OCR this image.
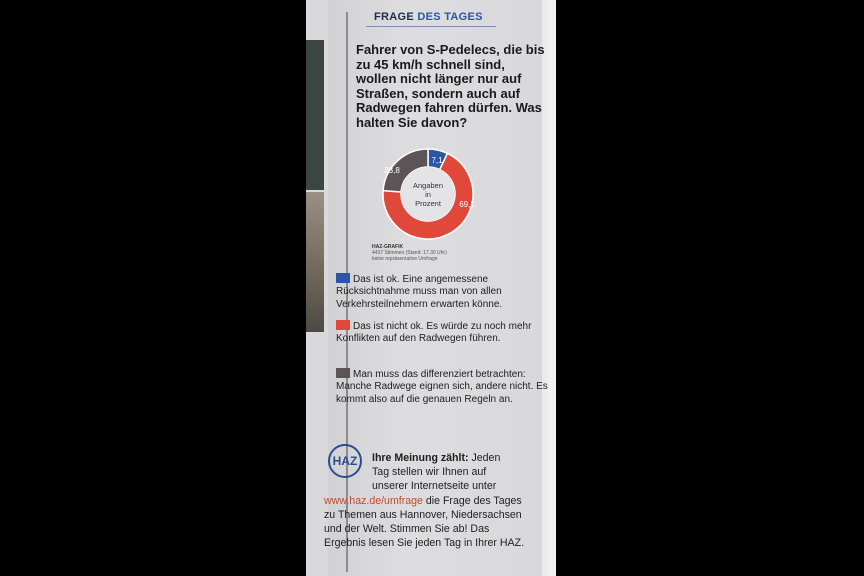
FRAGE DES TAGES
Fahrer von S-Pedelecs, die bis zu 45 km/h schnell sind, wollen nicht länger nur auf Straßen, sondern auch auf Radwegen fahren dürfen. Was halten Sie davon?
7,1
69,1
23,8
Angaben
in
Prozent
HAZ-GRAFIK
4437 Stimmen (Stand: 17.30 Uhr)
keine repräsentative Umfrage
Das ist ok. Eine angemessene Rücksichtnahme muss man von allen Verkehrsteilnehmern erwarten könne.
Das ist nicht ok. Es würde zu noch mehr Konflikten auf den Radwegen führen.
Man muss das differenziert betrachten: Manche Radwege eignen sich, andere nicht. Es kommt also auf die genauen Regeln an.
HAZ	Ihre Meinung zählt: Jeden
Tag stellen wir Ihnen auf
unserer Internetseite unter
www.haz.de/umfrage die Frage des Tages zu Themen aus Hannover, Niedersachsen und der Welt. Stimmen Sie ab! Das Ergebnis lesen Sie jeden Tag in Ihrer HAZ.
